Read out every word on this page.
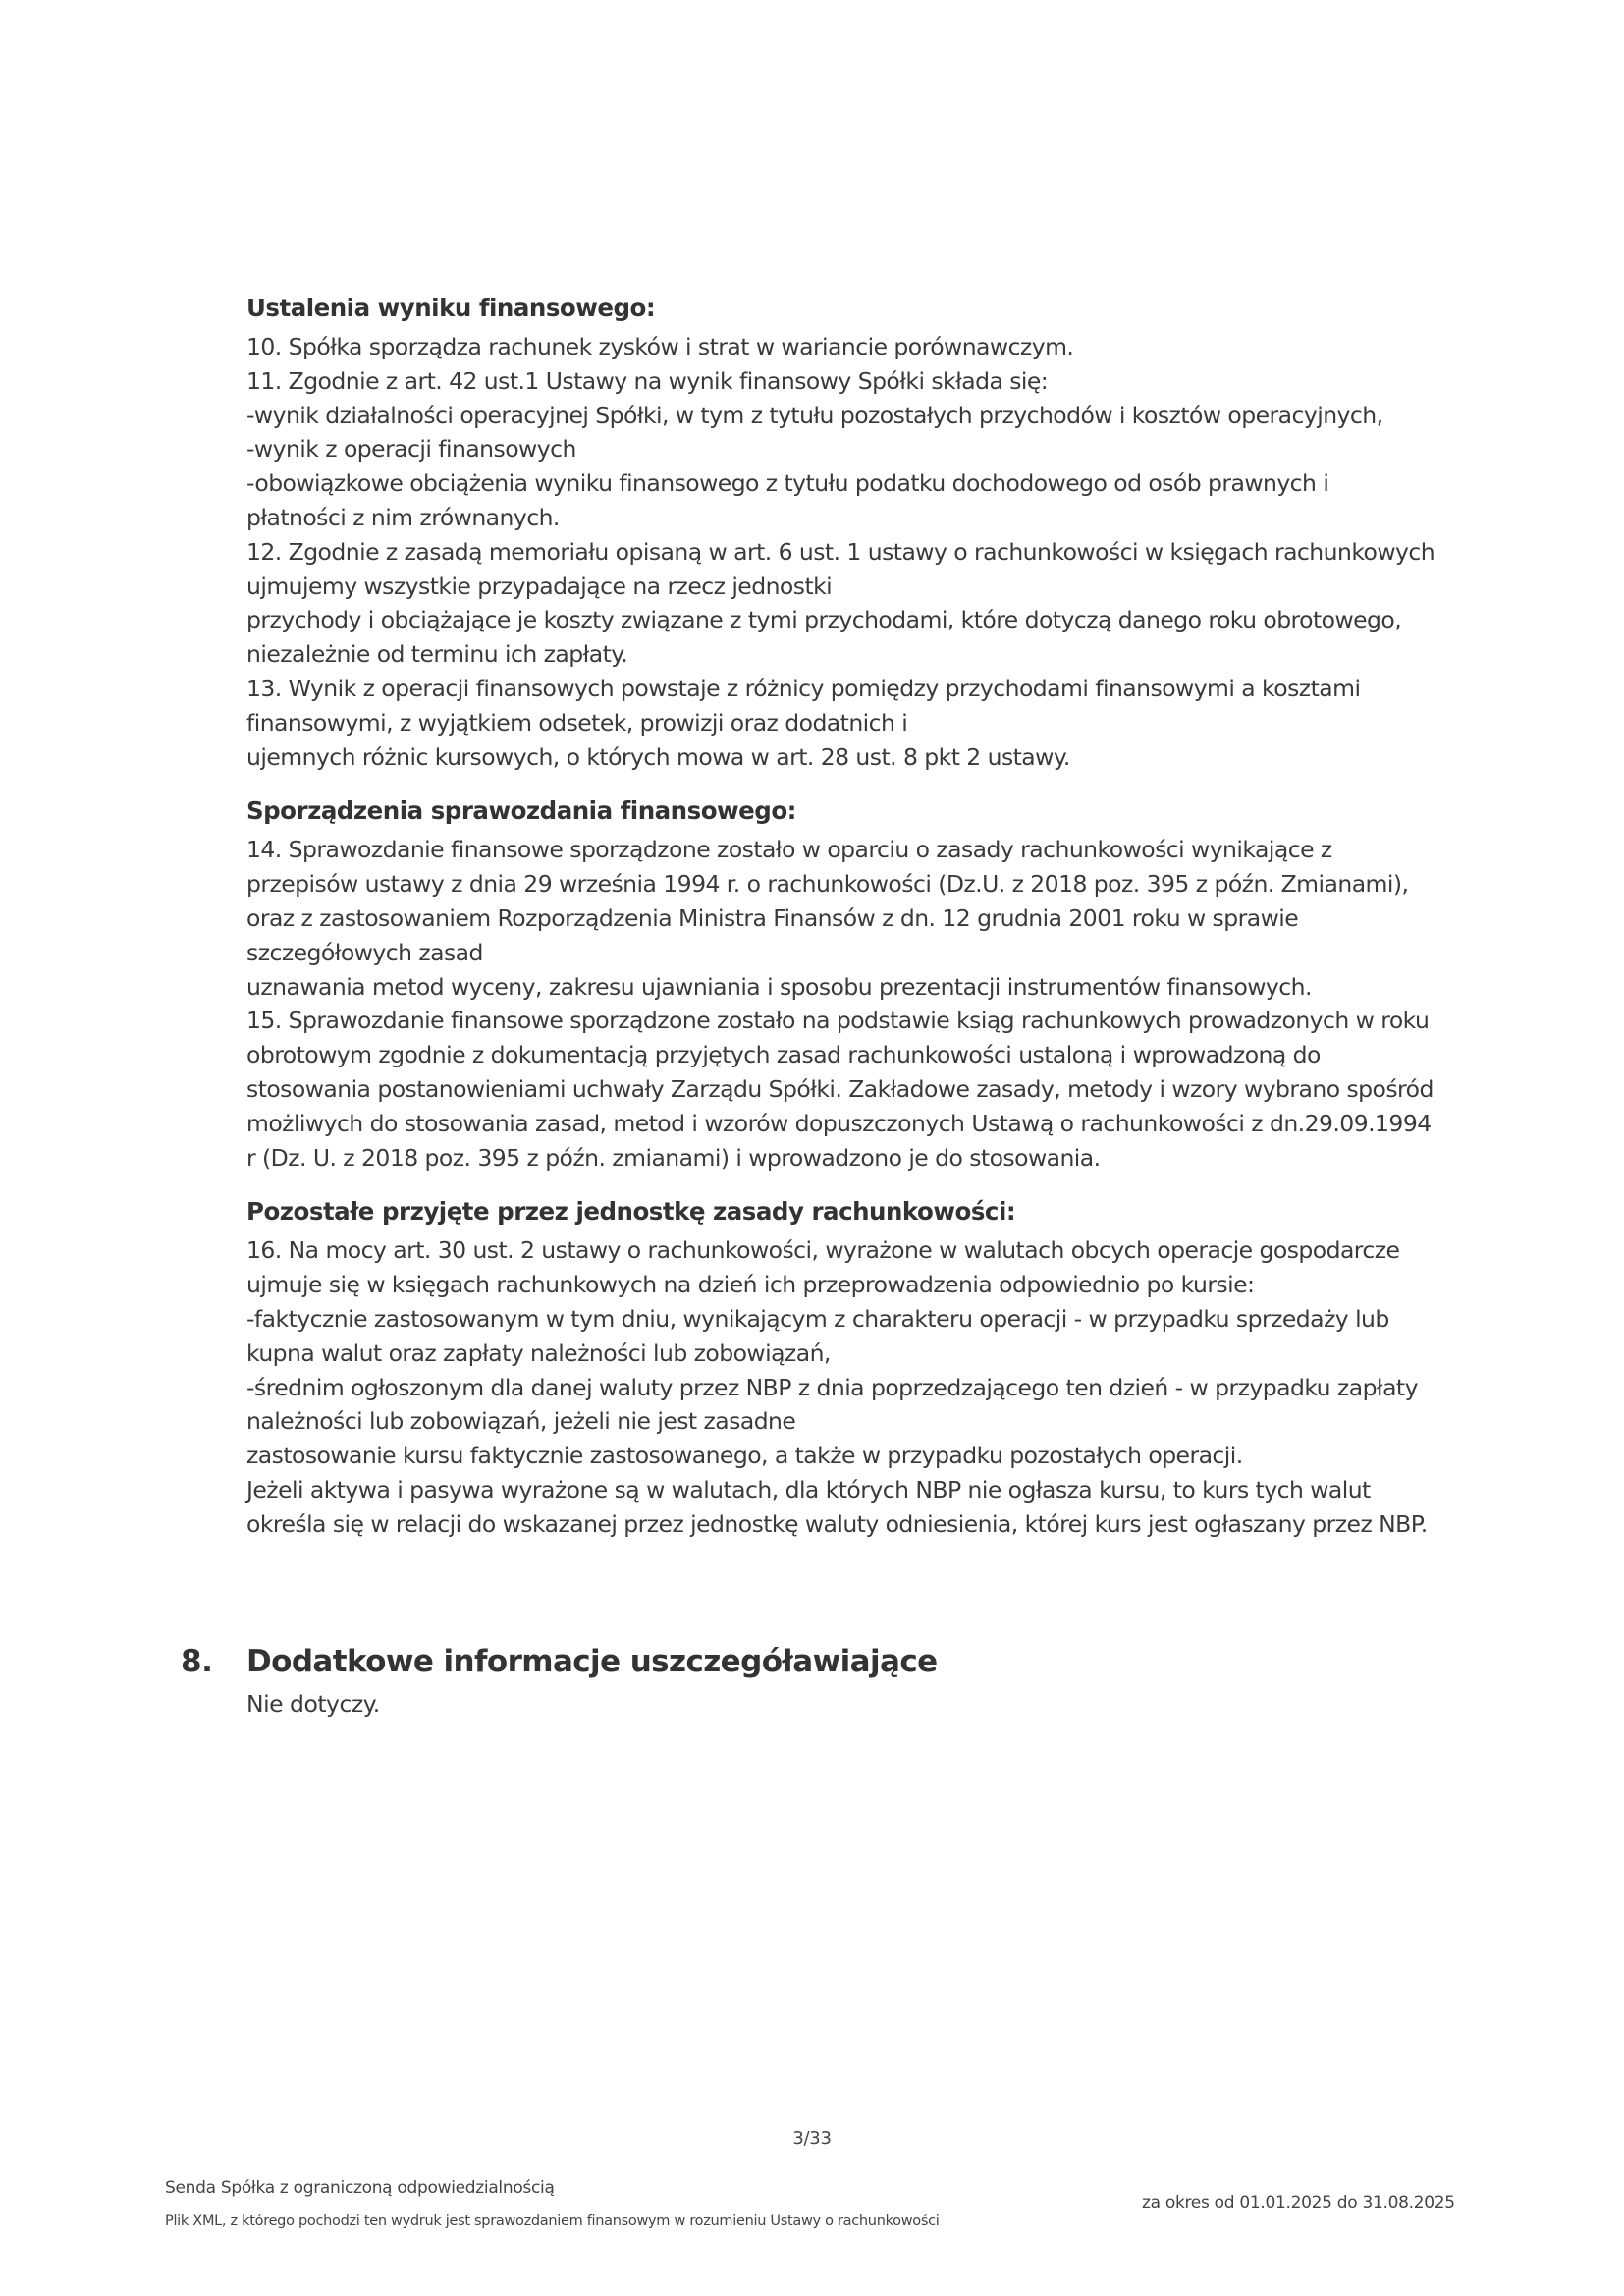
Ustalenia wyniku finansowego:
10. Spółka sporządza rachunek zysków i strat w wariancie porównawczym.
11. Zgodnie z art. 42 ust.1 Ustawy na wynik finansowy Spółki składa się:
-wynik działalności operacyjnej Spółki, w tym z tytułu pozostałych przychodów i kosztów operacyjnych,
-wynik z operacji finansowych
-obowiązkowe obciążenia wyniku finansowego z tytułu podatku dochodowego od osób prawnych i
płatności z nim zrównanych.
12. Zgodnie z zasadą memoriału opisaną w art. 6 ust. 1 ustawy o rachunkowości w księgach rachunkowych
ujmujemy wszystkie przypadające na rzecz jednostki
przychody i obciążające je koszty związane z tymi przychodami, które dotyczą danego roku obrotowego,
niezależnie od terminu ich zapłaty.
13. Wynik z operacji finansowych powstaje z różnicy pomiędzy przychodami finansowymi a kosztami
finansowymi, z wyjątkiem odsetek, prowizji oraz dodatnich i
ujemnych różnic kursowych, o których mowa w art. 28 ust. 8 pkt 2 ustawy.
Sporządzenia sprawozdania finansowego:
14. Sprawozdanie finansowe sporządzone zostało w oparciu o zasady rachunkowości wynikające z
przepisów ustawy z dnia 29 września 1994 r. o rachunkowości (Dz.U. z 2018 poz. 395 z późn. Zmianami),
oraz z zastosowaniem Rozporządzenia Ministra Finansów z dn. 12 grudnia 2001 roku w sprawie
szczegółowych zasad
uznawania metod wyceny, zakresu ujawniania i sposobu prezentacji instrumentów finansowych.
15. Sprawozdanie finansowe sporządzone zostało na podstawie ksiąg rachunkowych prowadzonych w roku
obrotowym zgodnie z dokumentacją przyjętych zasad rachunkowości ustaloną i wprowadzoną do
stosowania postanowieniami uchwały Zarządu Spółki. Zakładowe zasady, metody i wzory wybrano spośród
możliwych do stosowania zasad, metod i wzorów dopuszczonych Ustawą o rachunkowości z dn.29.09.1994
r (Dz. U. z 2018 poz. 395 z późn. zmianami) i wprowadzono je do stosowania.
Pozostałe przyjęte przez jednostkę zasady rachunkowości:
16. Na mocy art. 30 ust. 2 ustawy o rachunkowości, wyrażone w walutach obcych operacje gospodarcze
ujmuje się w księgach rachunkowych na dzień ich przeprowadzenia odpowiednio po kursie:
-faktycznie zastosowanym w tym dniu, wynikającym z charakteru operacji - w przypadku sprzedaży lub
kupna walut oraz zapłaty należności lub zobowiązań,
-średnim ogłoszonym dla danej waluty przez NBP z dnia poprzedzającego ten dzień - w przypadku zapłaty
należności lub zobowiązań, jeżeli nie jest zasadne
zastosowanie kursu faktycznie zastosowanego, a także w przypadku pozostałych operacji.
Jeżeli aktywa i pasywa wyrażone są w walutach, dla których NBP nie ogłasza kursu, to kurs tych walut
określa się w relacji do wskazanej przez jednostkę waluty odniesienia, której kurs jest ogłaszany przez NBP.
8. Dodatkowe informacje uszczegóławiające
Nie dotyczy.
3/33
Senda Spółka z ograniczoną odpowiedzialnością
Plik XML, z którego pochodzi ten wydruk jest sprawozdaniem finansowym w rozumieniu Ustawy o rachunkowości
za okres od 01.01.2025 do 31.08.2025
